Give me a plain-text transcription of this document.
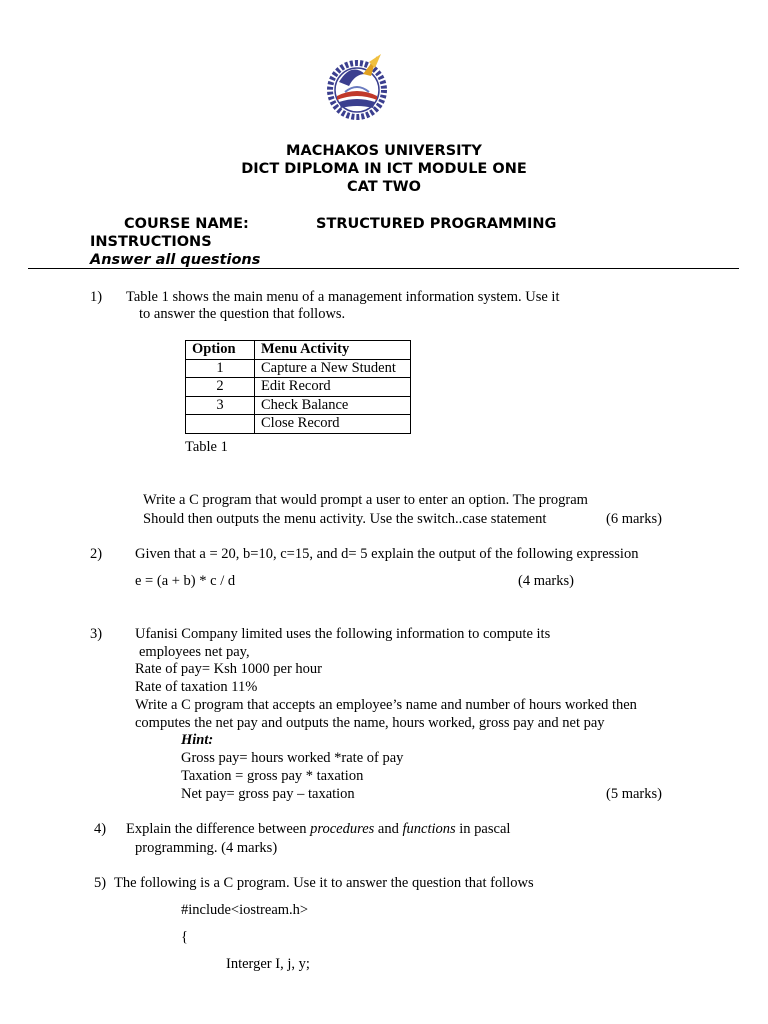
MACHAKOS UNIVERSITY
DICT DIPLOMA IN ICT MODULE ONE
CAT TWO
COURSE NAME:	STRUCTURED PROGRAMMING
INSTRUCTIONS
Answer all questions
1) Table 1 shows the main menu of a management information system. Use it
to answer the question that follows.
Option	Menu Activity
1	Capture a New Student
2	Edit Record
3	Check Balance
	Close Record
Table 1
Write a C program that would prompt a user to enter an option. The program
Should then outputs the menu activity. Use the switch..case statement	(6 marks)
2) Given that a = 20, b=10, c=15, and d= 5 explain the output of the following expression
e = (a + b) * c / d	(4 marks)
3) Ufanisi Company limited uses the following information to compute its
employees net pay,
Rate of pay= Ksh 1000 per hour
Rate of taxation 11%
Write a C program that accepts an employee’s name and number of hours worked then
computes the net pay and outputs the name, hours worked, gross pay and net pay
Hint:
Gross pay= hours worked *rate of pay
Taxation = gross pay * taxation
Net pay= gross pay – taxation	(5 marks)
4) Explain the difference between procedures and functions in pascal
programming. (4 marks)
5) The following is a C program. Use it to answer the question that follows
#include<iostream.h>
{
Interger I, j, y;
